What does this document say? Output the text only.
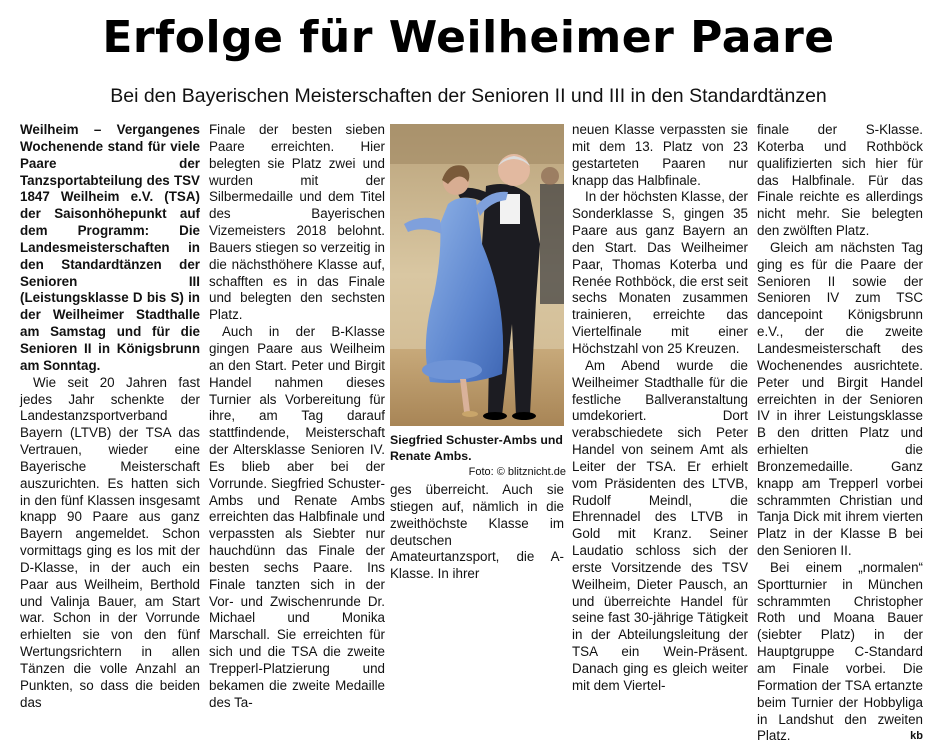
Erfolge für Weilheimer Paare
Bei den Bayerischen Meisterschaften der Senioren II und III in den Standardtänzen

Weilheim – Vergangenes Wochenende stand für viele Paare der Tanzsportabteilung des TSV 1847 Weilheim e.V. (TSA) der Saisonhöhepunkt auf dem Programm: Die Landesmeisterschaften in den Standardtänzen der Senioren III (Leistungsklasse D bis S) in der Weilheimer Stadthalle am Samstag und für die Senioren II in Königsbrunn am Sonntag.

Wie seit 20 Jahren fast jedes Jahr schenkte der Landestanzsportverband Bayern (LTVB) der TSA das Vertrauen, wieder eine Bayerische Meisterschaft auszurichten. Es hatten sich in den fünf Klassen insgesamt knapp 90 Paare aus ganz Bayern angemeldet. Schon vormittags ging es los mit der D-Klasse, in der auch ein Paar aus Weilheim, Berthold und Valinja Bauer, am Start war. Schon in der Vorrunde erhielten sie von den fünf Wertungsrichtern in allen Tänzen die volle Anzahl an Punkten, so dass die beiden das

Finale der besten sieben Paare erreichten. Hier belegten sie Platz zwei und wurden mit der Silbermedaille und dem Titel des Bayerischen Vizemeisters 2018 belohnt. Bauers stiegen so verzeitig in die nächsthöhere Klasse auf, schafften es in das Finale und belegten den sechsten Platz.

Auch in der B-Klasse gingen Paare aus Weilheim an den Start. Peter und Birgit Handel nahmen dieses Turnier als Vorbereitung für ihre, am Tag darauf stattfindende, Meisterschaft der Altersklasse Senioren IV. Es blieb aber bei der Vorrunde. Siegfried Schuster-Ambs und Renate Ambs erreichten das Halbfinale und verpassten als Siebter nur hauchdünn das Finale der besten sechs Paare. Ins Finale tanzten sich in der Vor- und Zwischenrunde Dr. Michael und Monika Marschall. Sie erreichten für sich und die TSA die zweite Trepperl-Platzierung und bekamen die zweite Medaille des Ta-

Siegfried Schuster-Ambs und Renate Ambs.
Foto: © blitznicht.de
ges überreicht. Auch sie stiegen auf, nämlich in die zweithöchste Klasse im deutschen Amateurtanzsport, die A-Klasse. In ihrer

neuen Klasse verpassten sie mit dem 13. Platz von 23 gestarteten Paaren nur knapp das Halbfinale.

In der höchsten Klasse, der Sonderklasse S, gingen 35 Paare aus ganz Bayern an den Start. Das Weilheimer Paar, Thomas Koterba und Renée Rothböck, die erst seit sechs Monaten zusammen trainieren, erreichte das Viertelfinale mit einer Höchstzahl von 25 Kreuzen.

Am Abend wurde die Weilheimer Stadthalle für die festliche Ballveranstaltung umdekoriert. Dort verabschiedete sich Peter Handel von seinem Amt als Leiter der TSA. Er erhielt vom Präsidenten des LTVB, Rudolf Meindl, die Ehrennadel des LTVB in Gold mit Kranz. Seiner Laudatio schloss sich der erste Vorsitzende des TSV Weilheim, Dieter Pausch, an und überreichte Handel für seine fast 30-jährige Tätigkeit in der Abteilungsleitung der TSA ein Wein-Präsent. Danach ging es gleich weiter mit dem Viertel-

finale der S-Klasse. Koterba und Rothböck qualifizierten sich hier für das Halbfinale. Für das Finale reichte es allerdings nicht mehr. Sie belegten den zwölften Platz.

Gleich am nächsten Tag ging es für die Paare der Senioren II sowie der Senioren IV zum TSC dancepoint Königsbrunn e.V., der die zweite Landesmeisterschaft des Wochenendes ausrichtete. Peter und Birgit Handel erreichten in der Senioren IV in ihrer Leistungsklasse B den dritten Platz und erhielten die Bronzemedaille. Ganz knapp am Trepperl vorbei schrammten Christian und Tanja Dick mit ihrem vierten Platz in der Klasse B bei den Senioren II.

Bei einem „normalen“ Sportturnier in München schrammten Christopher Roth und Moana Bauer (siebter Platz) in der Hauptgruppe C-Standard am Finale vorbei. Die Formation der TSA ertanzte beim Turnier der Hobbyliga in Landshut den zweiten Platz.	kb
